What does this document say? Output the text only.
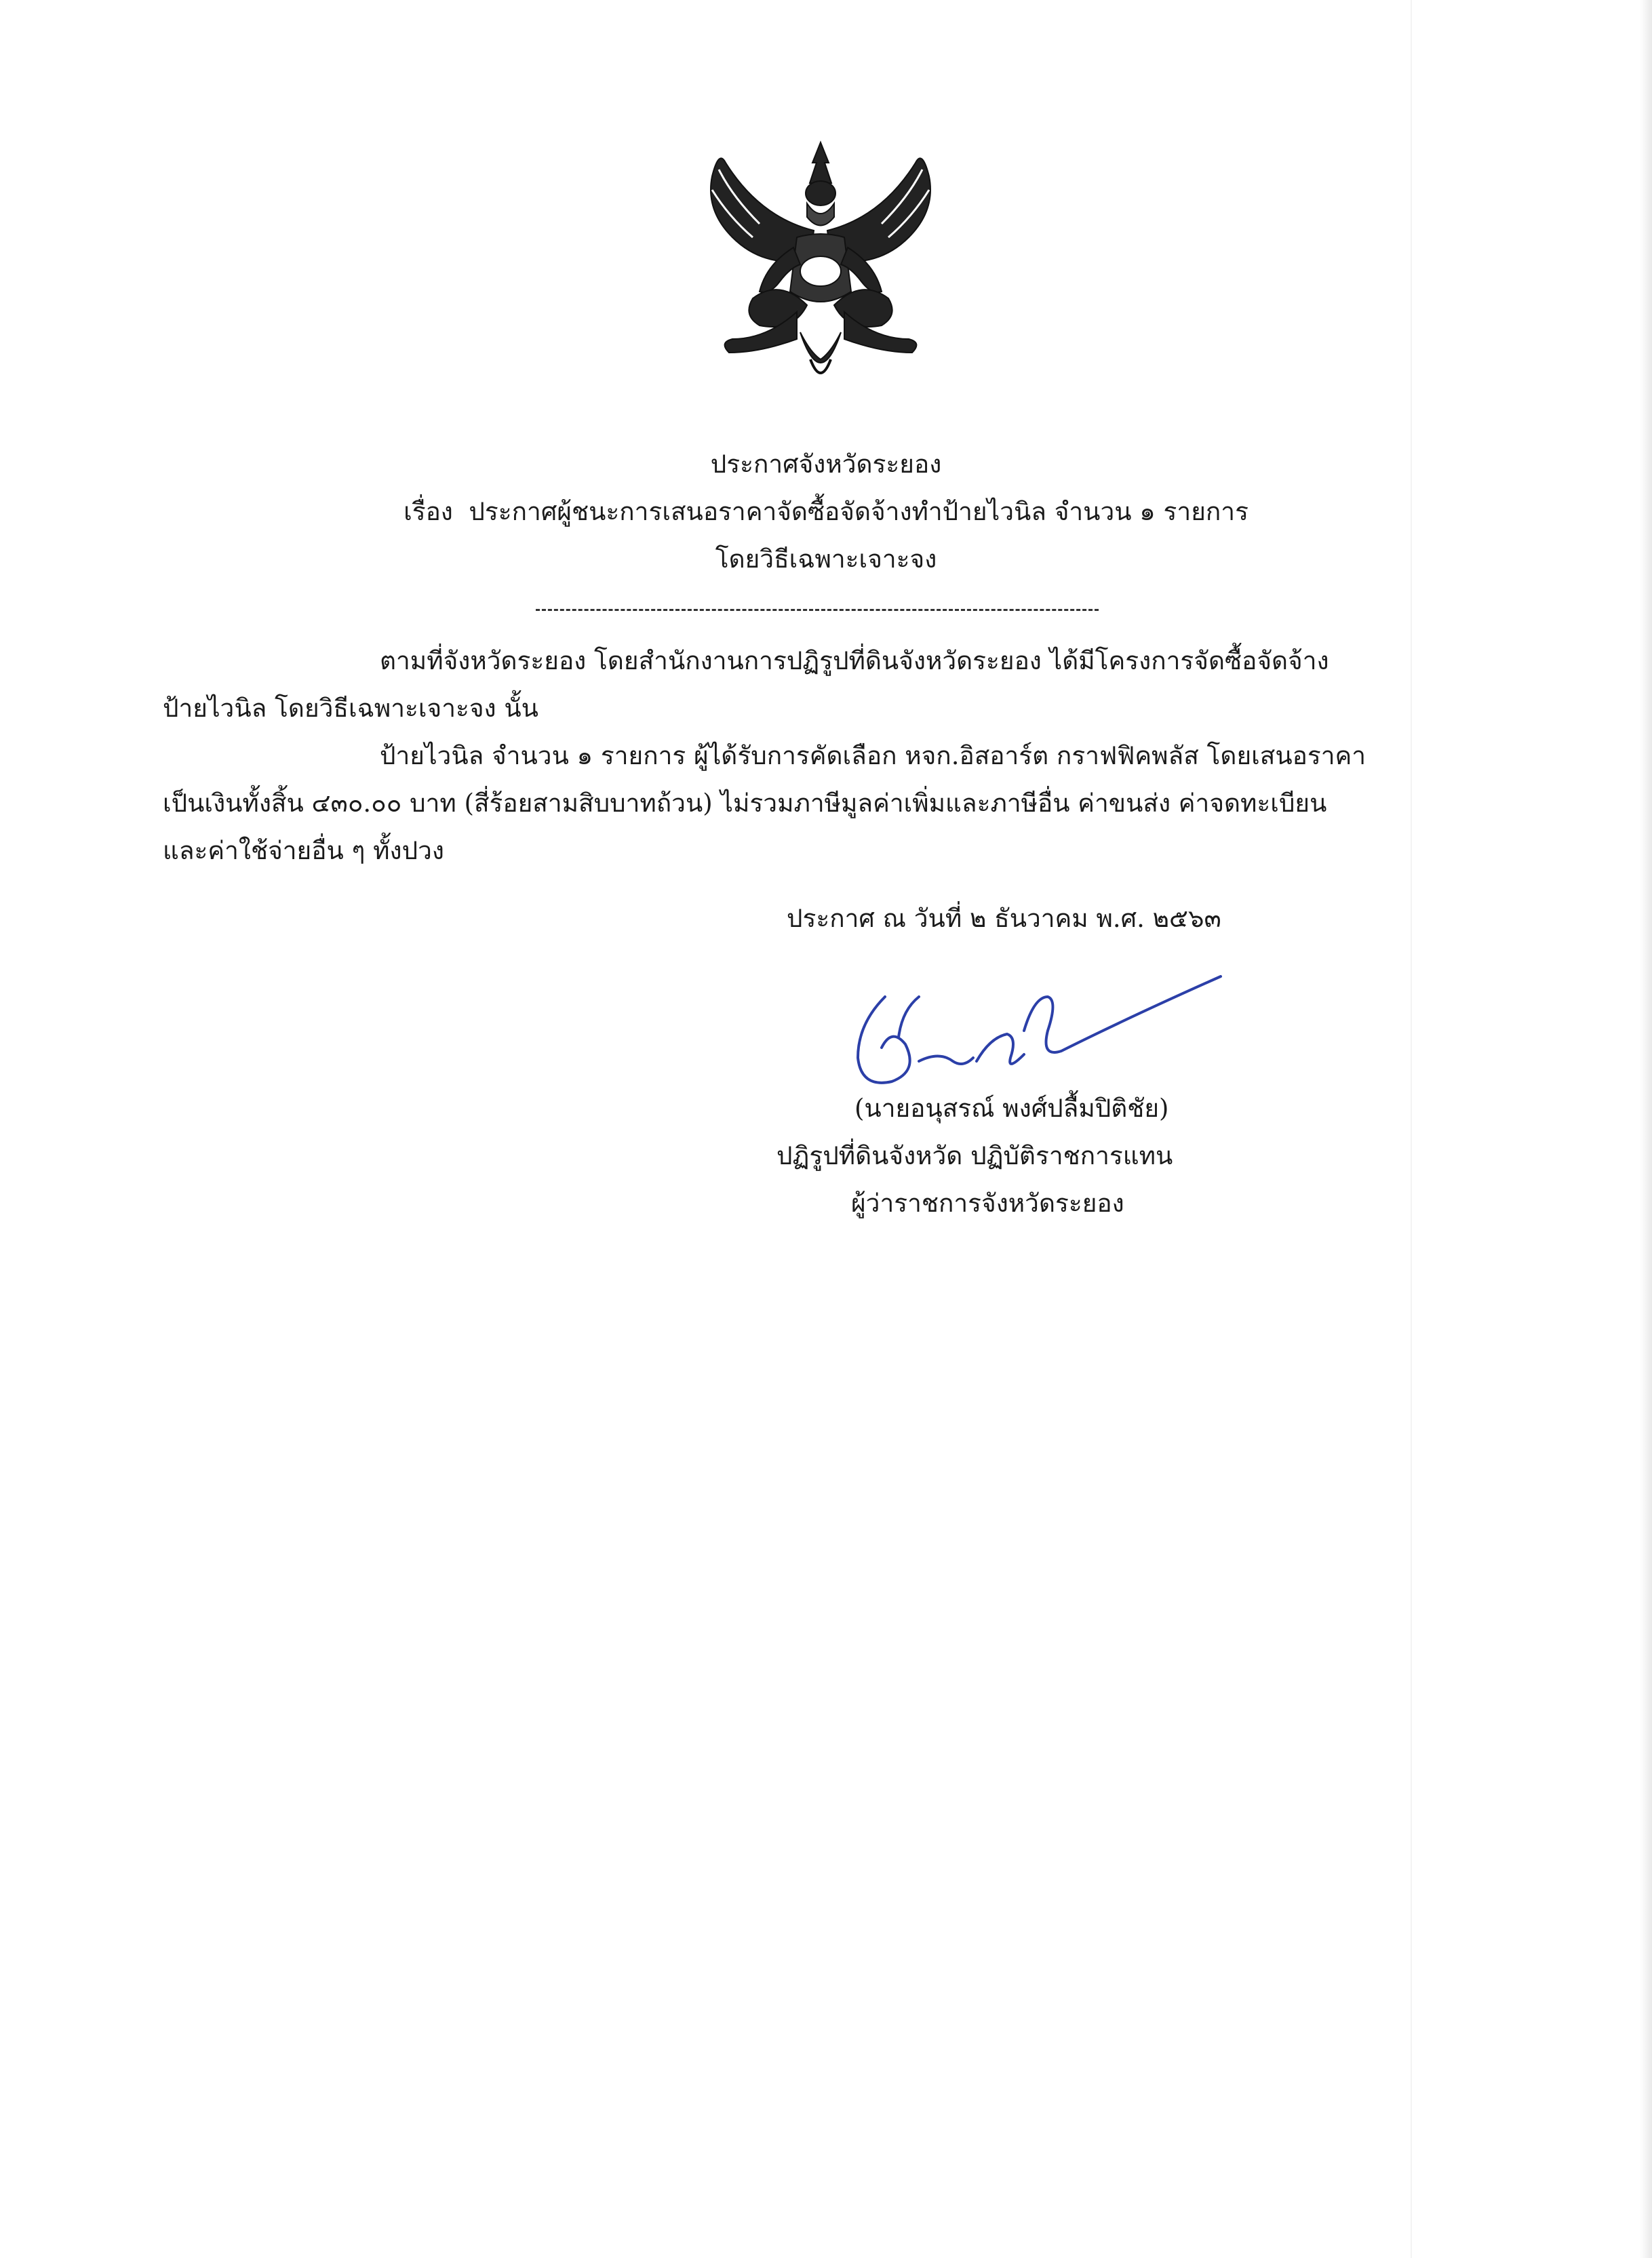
ประกาศจังหวัดระยอง
เรื่อง ประกาศผู้ชนะการเสนอราคาจัดซื้อจัดจ้างทำป้ายไวนิล จำนวน ๑ รายการ
โดยวิธีเฉพาะเจาะจง
ตามที่จังหวัดระยอง โดยสำนักงานการปฏิรูปที่ดินจังหวัดระยอง ได้มีโครงการจัดซื้อจัดจ้าง
ป้ายไวนิล โดยวิธีเฉพาะเจาะจง นั้น
ป้ายไวนิล จำนวน ๑ รายการ ผู้ได้รับการคัดเลือก หจก.อิสอาร์ต กราฟฟิคพลัส โดยเสนอราคา
เป็นเงินทั้งสิ้น ๔๓๐.๐๐ บาท (สี่ร้อยสามสิบบาทถ้วน) ไม่รวมภาษีมูลค่าเพิ่มและภาษีอื่น ค่าขนส่ง ค่าจดทะเบียน
และค่าใช้จ่ายอื่น ๆ ทั้งปวง
ประกาศ ณ วันที่ ๒ ธันวาคม พ.ศ. ๒๕๖๓
(นายอนุสรณ์ พงศ์ปลื้มปิติชัย)
ปฏิรูปที่ดินจังหวัด ปฏิบัติราชการแทน
ผู้ว่าราชการจังหวัดระยอง
